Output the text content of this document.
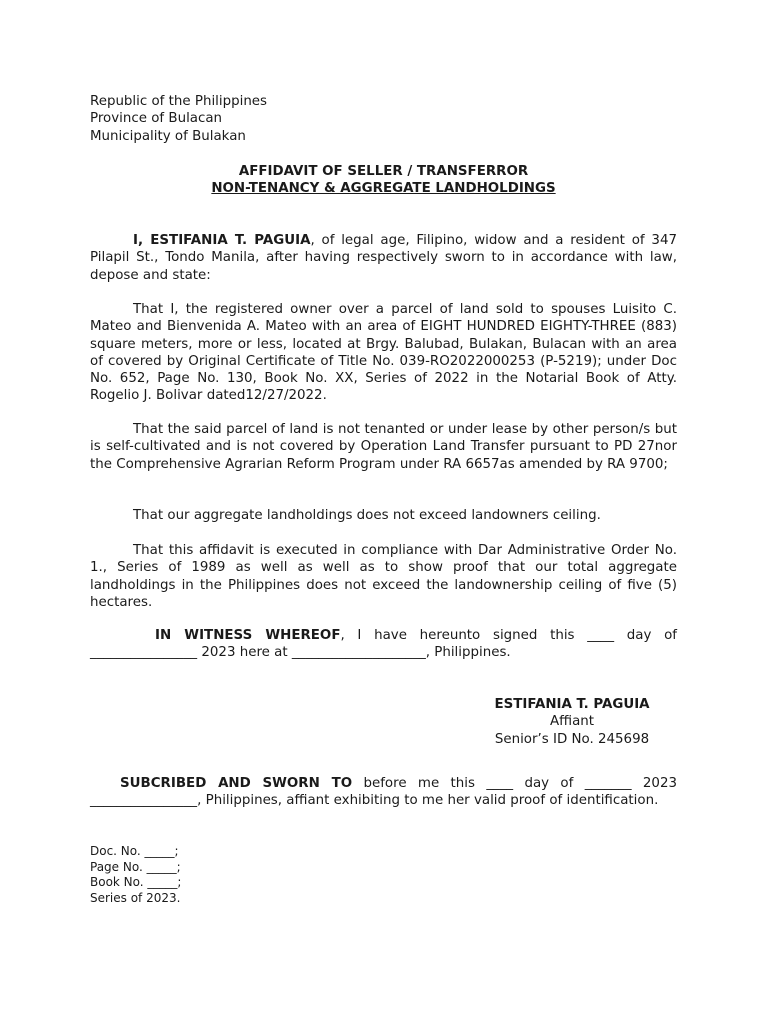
Republic of the Philippines
Province of Bulacan
Municipality of Bulakan
AFFIDAVIT OF SELLER / TRANSFERROR
NON-TENANCY & AGGREGATE LANDHOLDINGS

I, ESTIFANIA T. PAGUIA, of legal age, Filipino, widow and a resident of 347 Pilapil St., Tondo Manila, after having respectively sworn to in accordance with law, depose and state:

That I, the registered owner over a parcel of land sold to spouses Luisito C. Mateo and Bienvenida A. Mateo with an area of EIGHT HUNDRED EIGHTY-THREE (883) square meters, more or less, located at Brgy. Balubad, Bulakan, Bulacan with an area of covered by Original Certificate of Title No. 039-RO2022000253 (P-5219); under Doc No. 652, Page No. 130, Book No. XX, Series of 2022 in the Notarial Book of Atty. Rogelio J. Bolivar dated12/27/2022.

That the said parcel of land is not tenanted or under lease by other person/s but is self-cultivated and is not covered by Operation Land Transfer pursuant to PD 27nor the Comprehensive Agrarian Reform Program under RA 6657as amended by RA 9700;

That our aggregate landholdings does not exceed landowners ceiling.

That this affidavit is executed in compliance with Dar Administrative Order No. 1., Series of 1989 as well as well as to show proof that our total aggregate landholdings in the Philippines does not exceed the landownership ceiling of five (5) hectares.

IN WITNESS WHEREOF, I have hereunto signed this ____ day of ________________ 2023 here at ____________________, Philippines.

ESTIFANIA T. PAGUIA
Affiant
Senior’s ID No. 245698

SUBCRIBED AND SWORN TO before me this ____ day of _______ 2023 ________________, Philippines, affiant exhibiting to me her valid proof of identification.

Doc. No. _____;
Page No. _____;
Book No. _____;
Series of 2023.
